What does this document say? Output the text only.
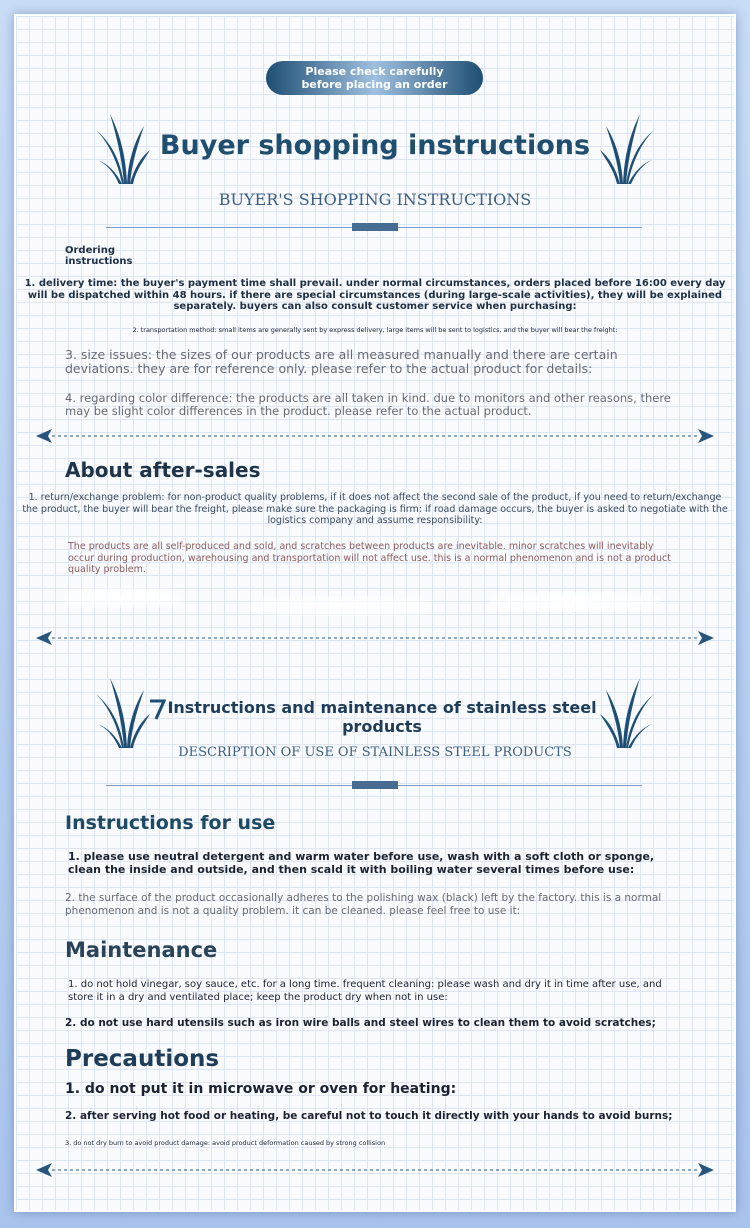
Please check carefully before placing an order
Buyer shopping instructions
BUYER'S SHOPPING INSTRUCTIONS
Ordering instructions
1. delivery time: the buyer's payment time shall prevail. under normal circumstances, orders placed before 16:00 every day will be dispatched within 48 hours. if there are special circumstances (during large-scale activities), they will be explained separately. buyers can also consult customer service when purchasing:
2. transportation method: small items are generally sent by express delivery, large items will be sent to logistics, and the buyer will bear the freight:
3. size issues: the sizes of our products are all measured manually and there are certain deviations. they are for reference only. please refer to the actual product for details:
4. regarding color difference: the products are all taken in kind. due to monitors and other reasons, there may be slight color differences in the product. please refer to the actual product.
About after-sales
1. return/exchange problem: for non-product quality problems, if it does not affect the second sale of the product, if you need to return/exchange the product, the buyer will bear the freight, please make sure the packaging is firm: if road damage occurs, the buyer is asked to negotiate with the logistics company and assume responsibility:
The products are all self-produced and sold, and scratches between products are inevitable. minor scratches will inevitably occur during production, warehousing and transportation will not affect use. this is a normal phenomenon and is not a product quality problem.
Instructions and maintenance of stainless steel products
DESCRIPTION OF USE OF STAINLESS STEEL PRODUCTS
Instructions for use
1. please use neutral detergent and warm water before use, wash with a soft cloth or sponge, clean the inside and outside, and then scald it with boiling water several times before use:
2. the surface of the product occasionally adheres to the polishing wax (black) left by the factory. this is a normal phenomenon and is not a quality problem. it can be cleaned. please feel free to use it:
Maintenance
1. do not hold vinegar, soy sauce, etc. for a long time. frequent cleaning: please wash and dry it in time after use, and store it in a dry and ventilated place; keep the product dry when not in use:
2. do not use hard utensils such as iron wire balls and steel wires to clean them to avoid scratches;
Precautions
1. do not put it in microwave or oven for heating:
2. after serving hot food or heating, be careful not to touch it directly with your hands to avoid burns;
3. do not dry burn to avoid product damage: avoid product deformation caused by strong collision
